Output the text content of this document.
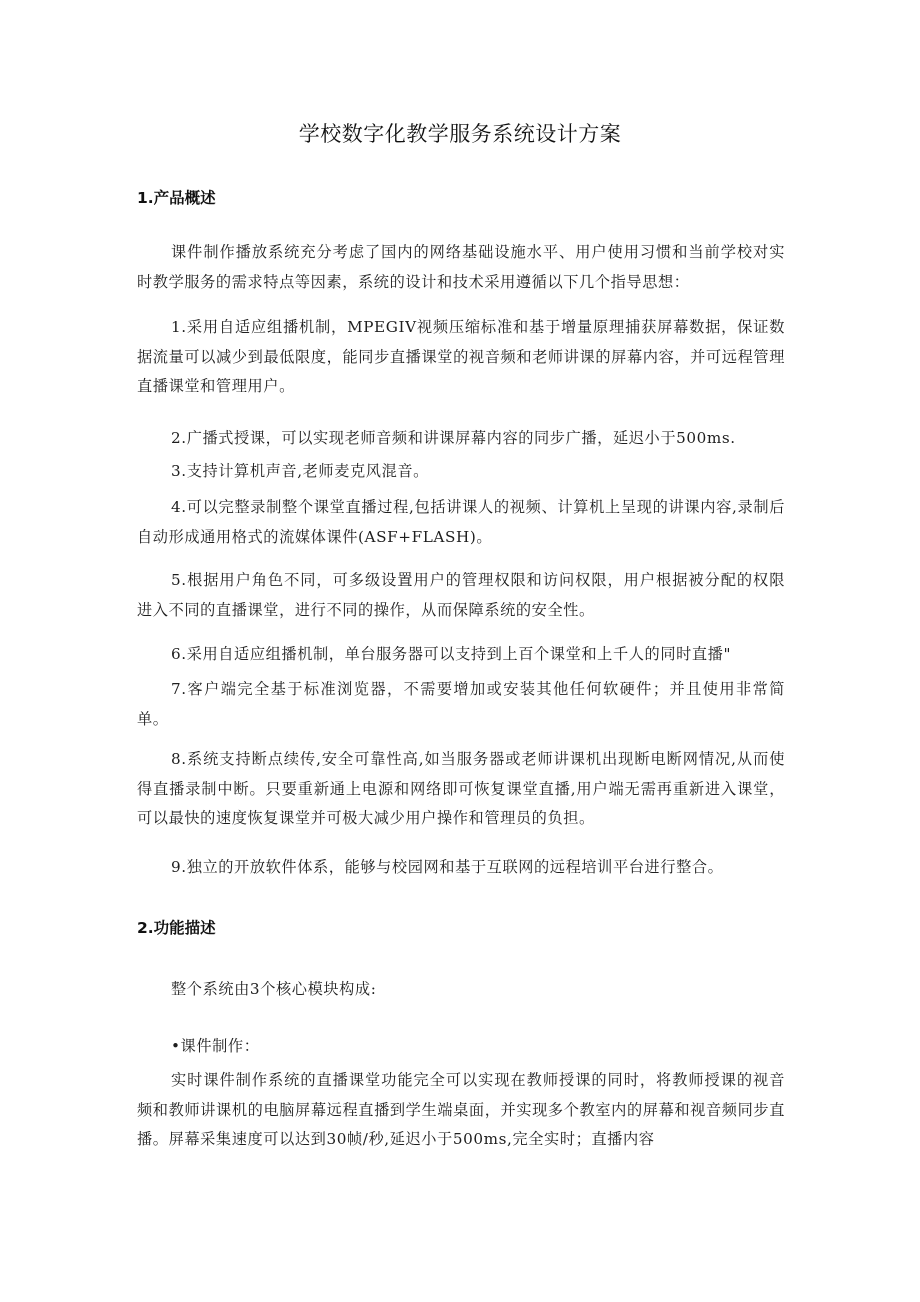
学校数字化教学服务系统设计方案
1.产品概述

课件制作播放系统充分考虑了国内的网络基础设施水平、用户使用习惯和当前学校对实时教学服务的需求特点等因素，系统的设计和技术采用遵循以下几个指导思想：

1.采用自适应组播机制，MPEGIV视频压缩标准和基于增量原理捕获屏幕数据，保证数据流量可以减少到最低限度，能同步直播课堂的视音频和老师讲课的屏幕内容，并可远程管理直播课堂和管理用户。

2.广播式授课，可以实现老师音频和讲课屏幕内容的同步广播，延迟小于500ms.

3.支持计算机声音,老师麦克风混音。

4.可以完整录制整个课堂直播过程,包括讲课人的视频、计算机上呈现的讲课内容,录制后自动形成通用格式的流媒体课件(ASF+FLASH)。

5.根据用户角色不同，可多级设置用户的管理权限和访问权限，用户根据被分配的权限进入不同的直播课堂，进行不同的操作，从而保障系统的安全性。

6.采用自适应组播机制，单台服务器可以支持到上百个课堂和上千人的同时直播"

7.客户端完全基于标准浏览器，不需要增加或安装其他任何软硬件；并且使用非常简单。

8.系统支持断点续传,安全可靠性高,如当服务器或老师讲课机出现断电断网情况,从而使得直播录制中断。只要重新通上电源和网络即可恢复课堂直播,用户端无需再重新进入课堂，可以最快的速度恢复课堂并可极大减少用户操作和管理员的负担。

9.独立的开放软件体系，能够与校园网和基于互联网的远程培训平台进行整合。

2.功能描述

整个系统由3个核心模块构成:

•课件制作：

实时课件制作系统的直播课堂功能完全可以实现在教师授课的同时，将教师授课的视音频和教师讲课机的电脑屏幕远程直播到学生端桌面，并实现多个教室内的屏幕和视音频同步直播。屏幕采集速度可以达到30帧/秒,延迟小于500ms,完全实时；直播内容
